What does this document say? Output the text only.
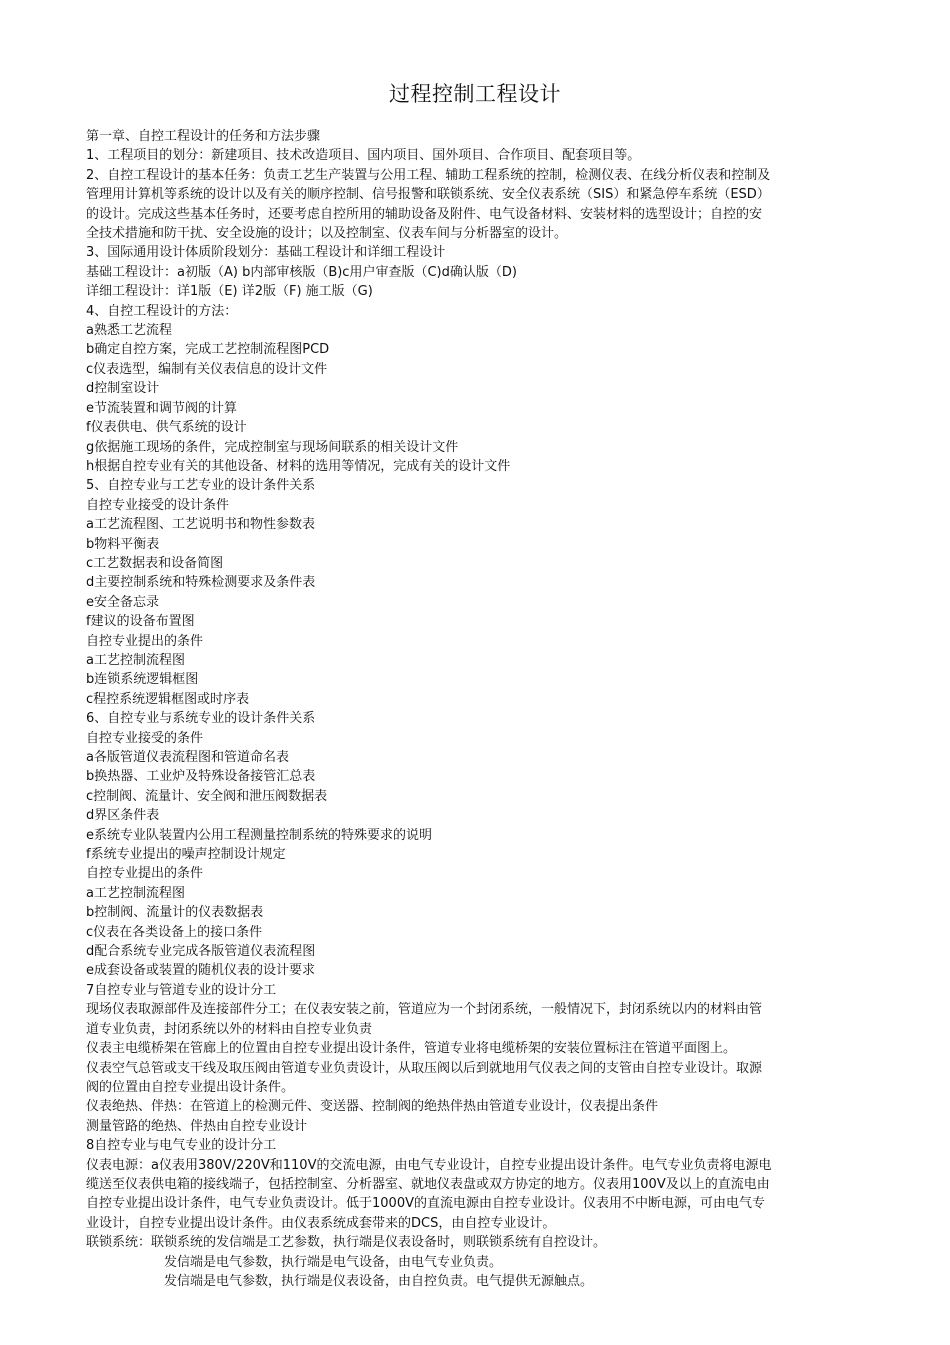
过程控制工程设计
第一章、自控工程设计的任务和方法步骤
1、工程项目的划分：新建项目、技术改造项目、国内项目、国外项目、合作项目、配套项目等。
2、自控工程设计的基本任务：负责工艺生产装置与公用工程、辅助工程系统的控制，检测仪表、在线分析仪表和控制及
管理用计算机等系统的设计以及有关的顺序控制、信号报警和联锁系统、安全仪表系统（SIS）和紧急停车系统（ESD）
的设计。完成这些基本任务时，还要考虑自控所用的辅助设备及附件、电气设备材料、安装材料的选型设计；自控的安
全技术措施和防干扰、安全设施的设计；以及控制室、仪表车间与分析器室的设计。
3、国际通用设计体质阶段划分：基础工程设计和详细工程设计
基础工程设计：a初版（A) b内部审核版（B)c用户审查版（C)d确认版（D)
详细工程设计：详1版（E) 详2版（F) 施工版（G)
4、自控工程设计的方法：
a熟悉工艺流程
b确定自控方案，完成工艺控制流程图PCD
c仪表选型，编制有关仪表信息的设计文件
d控制室设计
e节流装置和调节阀的计算
f仪表供电、供气系统的设计
g依据施工现场的条件，完成控制室与现场间联系的相关设计文件
h根据自控专业有关的其他设备、材料的选用等情况，完成有关的设计文件
5、自控专业与工艺专业的设计条件关系
自控专业接受的设计条件
a工艺流程图、工艺说明书和物性参数表
b物料平衡表
c工艺数据表和设备简图
d主要控制系统和特殊检测要求及条件表
e安全备忘录
f建议的设备布置图
自控专业提出的条件
a工艺控制流程图
b连锁系统逻辑框图
c程控系统逻辑框图或时序表
6、自控专业与系统专业的设计条件关系
自控专业接受的条件
a各版管道仪表流程图和管道命名表
b换热器、工业炉及特殊设备接管汇总表
c控制阀、流量计、安全阀和泄压阀数据表
d界区条件表
e系统专业队装置内公用工程测量控制系统的特殊要求的说明
f系统专业提出的噪声控制设计规定
自控专业提出的条件
a工艺控制流程图
b控制阀、流量计的仪表数据表
c仪表在各类设备上的接口条件
d配合系统专业完成各版管道仪表流程图
e成套设备或装置的随机仪表的设计要求
7自控专业与管道专业的设计分工
现场仪表取源部件及连接部件分工；在仪表安装之前，管道应为一个封闭系统，一般情况下，封闭系统以内的材料由管
道专业负责，封闭系统以外的材料由自控专业负责
仪表主电缆桥架在管廊上的位置由自控专业提出设计条件，管道专业将电缆桥架的安装位置标注在管道平面图上。
仪表空气总管或支干线及取压阀由管道专业负责设计，从取压阀以后到就地用气仪表之间的支管由自控专业设计。取源
阀的位置由自控专业提出设计条件。
仪表绝热、伴热：在管道上的检测元件、变送器、控制阀的绝热伴热由管道专业设计，仪表提出条件
测量管路的绝热、伴热由自控专业设计
8自控专业与电气专业的设计分工
仪表电源：a仪表用380V/220V和110V的交流电源，由电气专业设计，自控专业提出设计条件。电气专业负责将电源电
缆送至仪表供电箱的接线端子，包括控制室、分析器室、就地仪表盘或双方协定的地方。仪表用100V及以上的直流电由
自控专业提出设计条件，电气专业负责设计。低于1000V的直流电源由自控专业设计。仪表用不中断电源，可由电气专
业设计，自控专业提出设计条件。由仪表系统成套带来的DCS，由自控专业设计。
联锁系统：联锁系统的发信端是工艺参数，执行端是仪表设备时，则联锁系统有自控设计。
发信端是电气参数，执行端是电气设备，由电气专业负责。
发信端是电气参数，执行端是仪表设备，由自控负责。电气提供无源触点。
